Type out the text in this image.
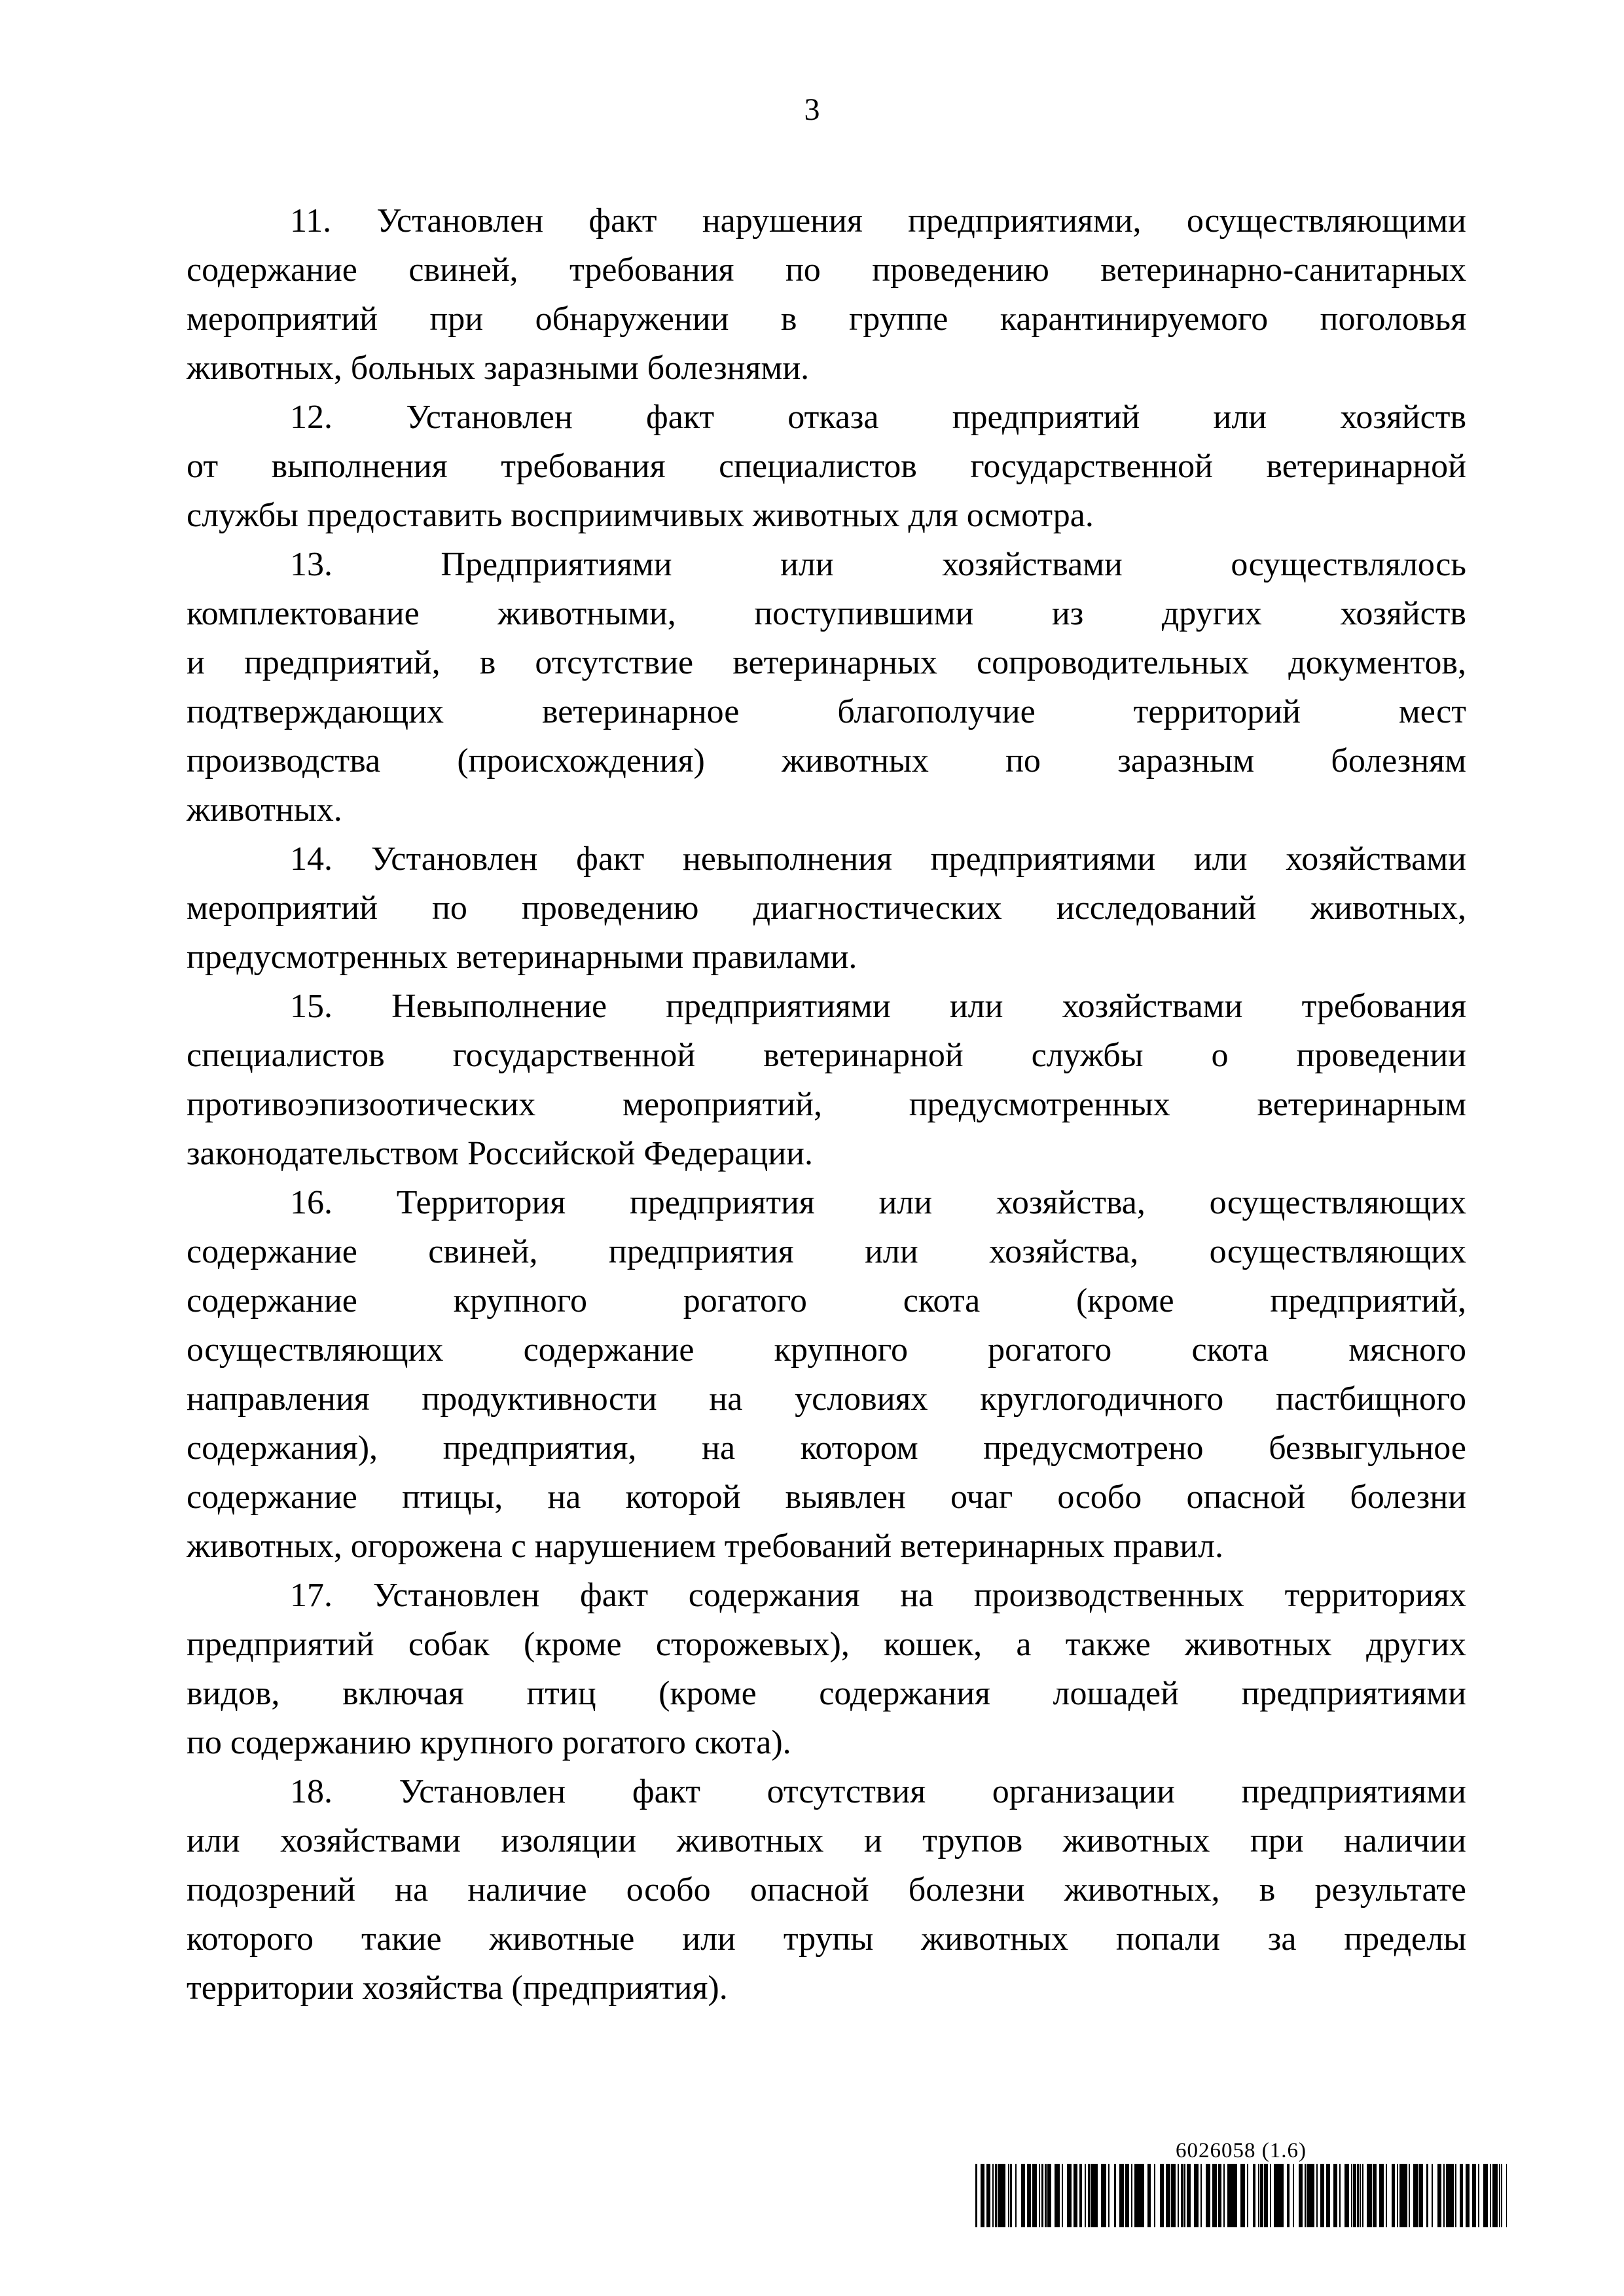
3
11. Установлен факт нарушения предприятиями, осуществляющими
содержание свиней, требования по проведению ветеринарно-санитарных
мероприятий при обнаружении в группе карантинируемого поголовья
животных, больных заразными болезнями.
12. Установлен факт отказа предприятий или хозяйств
от выполнения требования специалистов государственной ветеринарной
службы предоставить восприимчивых животных для осмотра.
13. Предприятиями или хозяйствами осуществлялось
комплектование животными, поступившими из других хозяйств
и предприятий, в отсутствие ветеринарных сопроводительных документов,
подтверждающих ветеринарное благополучие территорий мест
производства (происхождения) животных по заразным болезням
животных.
14. Установлен факт невыполнения предприятиями или хозяйствами
мероприятий по проведению диагностических исследований животных,
предусмотренных ветеринарными правилами.
15. Невыполнение предприятиями или хозяйствами требования
специалистов государственной ветеринарной службы о проведении
противоэпизоотических мероприятий, предусмотренных ветеринарным
законодательством Российской Федерации.
16. Территория предприятия или хозяйства, осуществляющих
содержание свиней, предприятия или хозяйства, осуществляющих
содержание крупного рогатого скота (кроме предприятий,
осуществляющих содержание крупного рогатого скота мясного
направления продуктивности на условиях круглогодичного пастбищного
содержания), предприятия, на котором предусмотрено безвыгульное
содержание птицы, на которой выявлен очаг особо опасной болезни
животных, огорожена с нарушением требований ветеринарных правил.
17. Установлен факт содержания на производственных территориях
предприятий собак (кроме сторожевых), кошек, а также животных других
видов, включая птиц (кроме содержания лошадей предприятиями
по содержанию крупного рогатого скота).
18. Установлен факт отсутствия организации предприятиями
или хозяйствами изоляции животных и трупов животных при наличии
подозрений на наличие особо опасной болезни животных, в результате
которого такие животные или трупы животных попали за пределы
территории хозяйства (предприятия).
6026058 (1.6)
